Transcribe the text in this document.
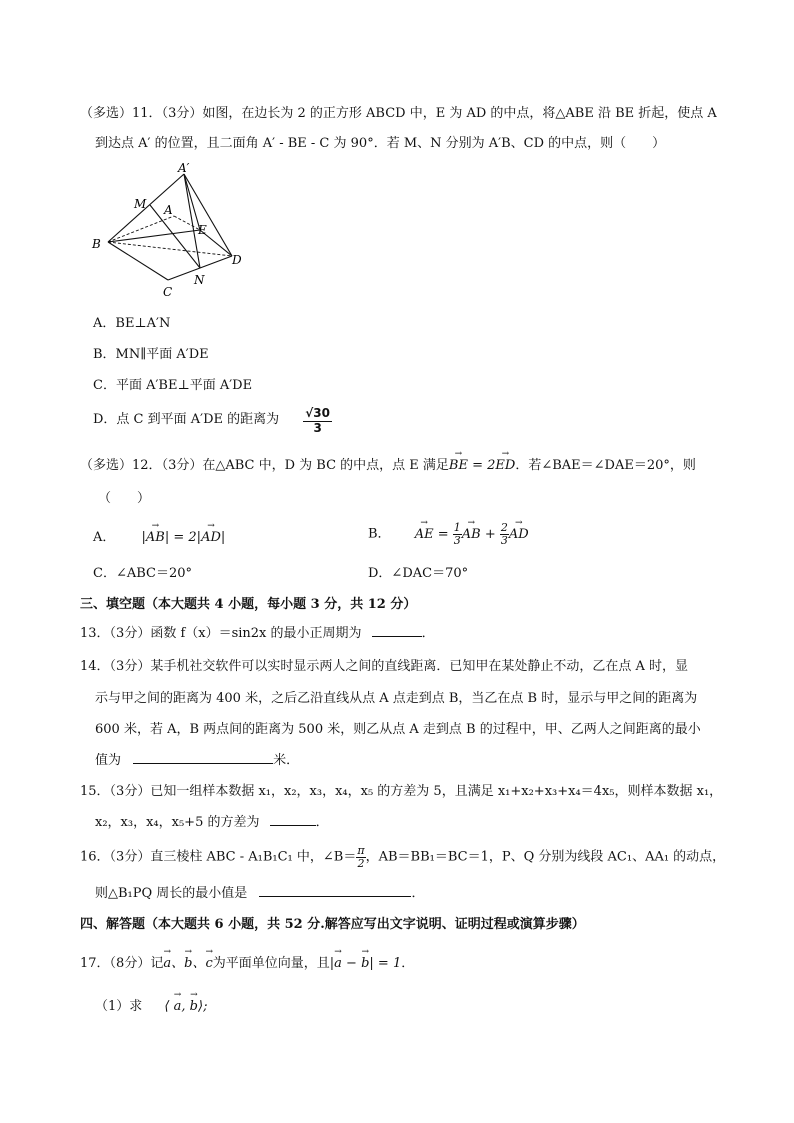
（多选）11．（3分）如图，在边长为 2 的正方形 ABCD 中，E 为 AD 的中点，将△ABE 沿 BE 折起，使点 A
到达点 A′ 的位置，且二面角 A′ - BE - C 为 90°．若 M、N 分别为 A′B、CD 的中点，则（　　）
A′
M A
E
B
D
C
N
A．BE⊥A′N
B．MN∥平面 A′DE
C．平面 A′BE⊥平面 A′DE
D．点 C 到平面 A′DE 的距离为 $\frac{√30}{3}$
（多选）12．（3分）在△ABC 中，D 为 BC 的中点，点 E 满足→ BE = 2→ ED．若∠BAE＝∠DAE＝20°，则
（　　）
A． |→ AB| = 2|→ AD|	B． → AE = $\frac{1}{3}$ → AB + $\frac{2}{3}$ → AD
C．∠ABC＝20°	D．∠DAC＝70°
三、填空题（本大题共 4 小题，每小题 3 分，共 12 分）
13．（3分）函数 f（x）＝sin2x 的最小正周期为	．
14．（3分）某手机社交软件可以实时显示两人之间的直线距离．已知甲在某处静止不动，乙在点 A 时，显
示与甲之间的距离为 400 米，之后乙沿直线从点 A 点走到点 B，当乙在点 B 时，显示与甲之间的距离为
600 米，若 A，B 两点间的距离为 500 米，则乙从点 A 走到点 B 的过程中，甲、乙两人之间距离的最小
值为	米．
15．（3分）已知一组样本数据 x₁，x₂，x₃，x₄，x₅ 的方差为 5，且满足 x₁+x₂+x₃+x₄＝4x₅，则样本数据 x₁，
x₂，x₃，x₄，x₅+5 的方差为	．
16．（3分）直三棱柱 ABC - A₁B₁C₁ 中，∠B＝ $\frac{\pi}{2}$ ，AB＝BB₁＝BC＝1，P、Q 分别为线段 AC₁、AA₁ 的动点，
则△B₁PQ 周长的最小值是	．
四、解答题（本大题共 6 小题，共 52 分.解答应写出文字说明、证明过程或演算步骤）
17．（8分）记→ a、→ b、→ c为平面单位向量，且|→ a − → b| = 1．
（1）求 ⟨ → a, → b⟩;
